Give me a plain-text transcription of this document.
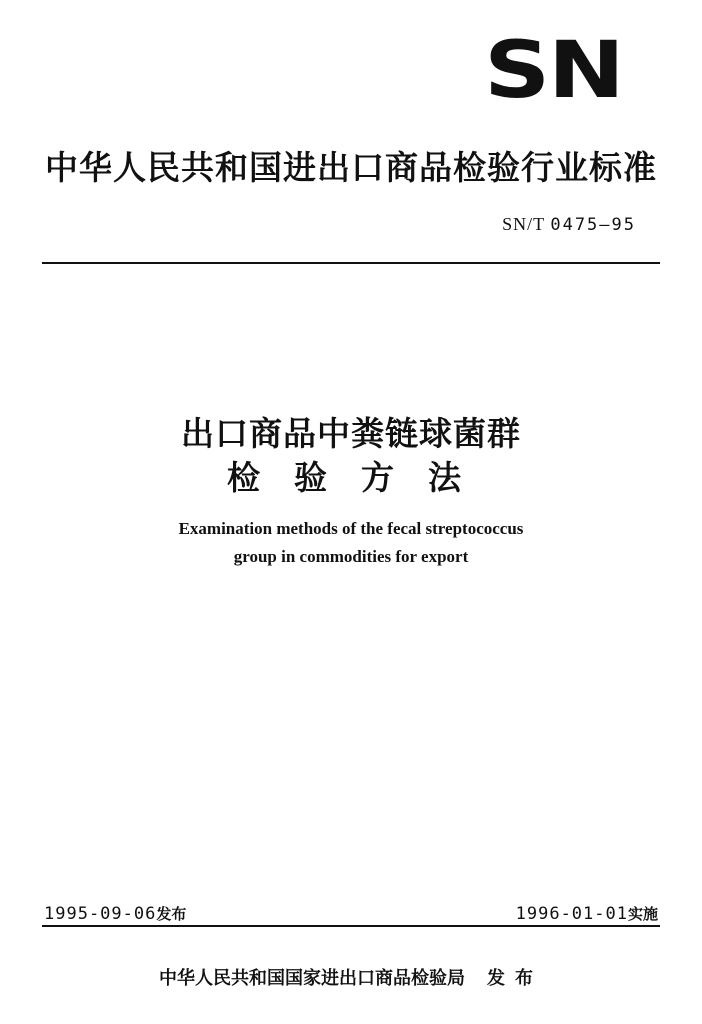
SN
中华人民共和国进出口商品检验行业标准
SN/T 0475—95
出口商品中粪链球菌群
检验方法
Examination methods of the fecal streptococcus
group in commodities for export
1995-09-06发布	1996-01-01实施
中华人民共和国国家进出口商品检验局 发布
